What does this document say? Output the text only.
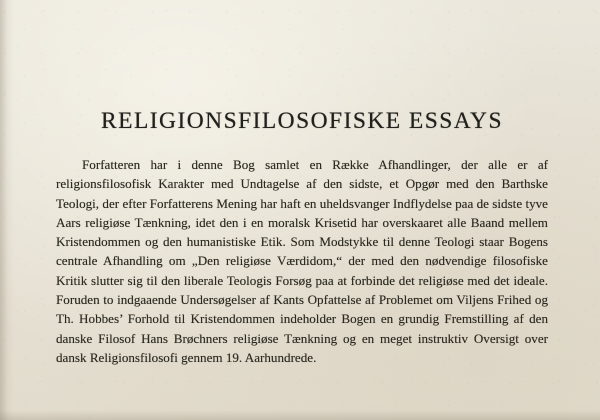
RELIGIONSFILOSOFISKE ESSAYS

Forfatteren har i denne Bog samlet en Række Afhandlinger, der alle er af religionsfilosofisk Karakter med Undtagelse af den sidste, et Opgør med den Barthske Teologi, der efter Forfatterens Mening har haft en uheldsvanger Indflydelse paa de sidste tyve Aars religiøse Tænkning, idet den i en moralsk Krisetid har overskaaret alle Baand mellem Kristendommen og den humanistiske Etik. Som Modstykke til denne Teologi staar Bogens centrale Afhandling om „Den religiøse Værdidom,“ der med den nødvendige filosofiske Kritik slutter sig til den liberale Teologis Forsøg paa at forbinde det religiøse med det ideale. Foruden to indgaaende Undersøgelser af Kants Opfattelse af Problemet om Viljens Frihed og Th. Hobbes’ Forhold til Kristendommen indeholder Bogen en grundig Fremstilling af den danske Filosof Hans Brøchners religiøse Tænkning og en meget instruktiv Oversigt over dansk Religionsfilosofi gennem 19. Aarhundrede.
